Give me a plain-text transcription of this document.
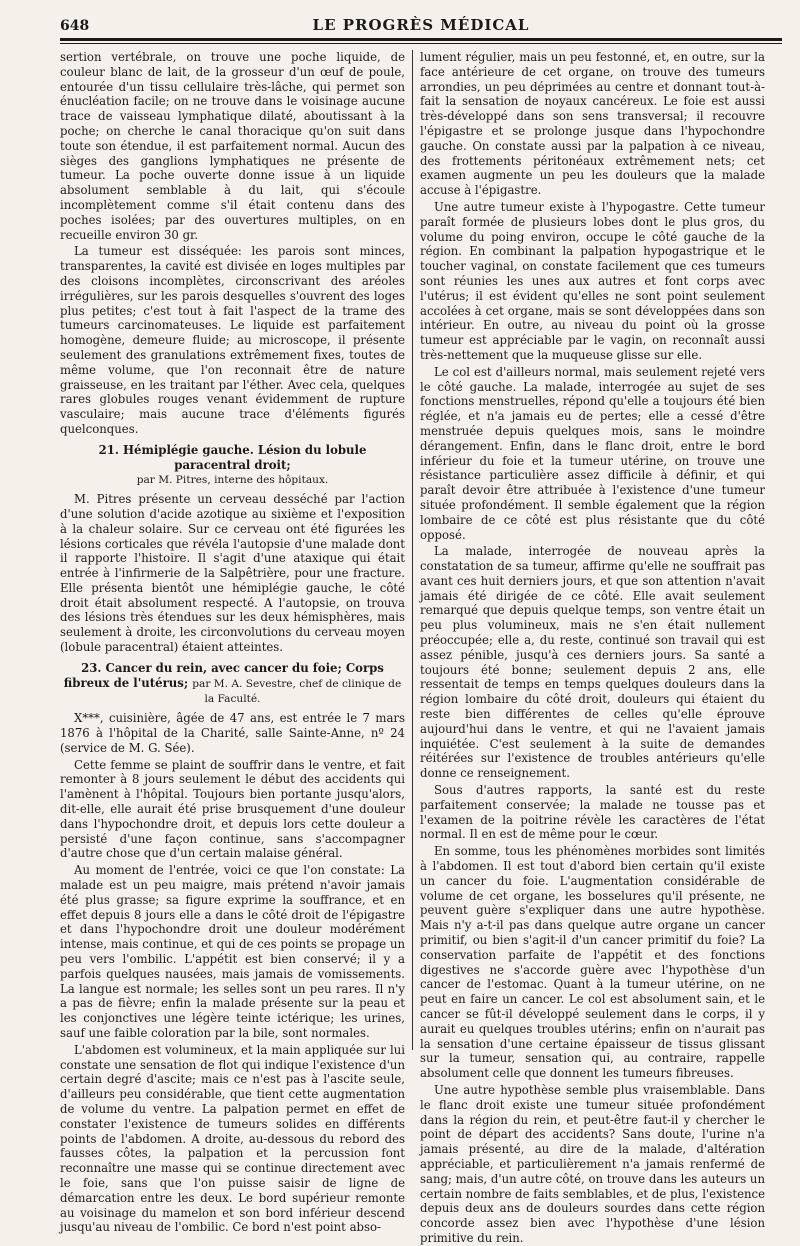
648	LE PROGRÈS MÉDICAL

sertion vertébrale, on trouve une poche liquide, de couleur blanc de lait, de la grosseur d'un œuf de poule, entourée d'un tissu cellulaire très-lâche, qui permet son énucléation facile; on ne trouve dans le voisinage aucune trace de vaisseau lymphatique dilaté, aboutissant à la poche; on cherche le canal thoracique qu'on suit dans toute son étendue, il est parfaitement normal. Aucun des sièges des ganglions lymphatiques ne présente de tumeur. La poche ouverte donne issue à un liquide absolument semblable à du lait, qui s'écoule incomplètement comme s'il était contenu dans des poches isolées; par des ouvertures multiples, on en recueille environ 30 gr.

La tumeur est disséquée: les parois sont minces, transparentes, la cavité est divisée en loges multiples par des cloisons incomplètes, circonscrivant des aréoles irrégulières, sur les parois desquelles s'ouvrent des loges plus petites; c'est tout à fait l'aspect de la trame des tumeurs carcinomateuses. Le liquide est parfaitement homogène, demeure fluide; au microscope, il présente seulement des granulations extrêmement fixes, toutes de même volume, que l'on reconnait être de nature graisseuse, en les traitant par l'éther. Avec cela, quelques rares globules rouges venant évidemment de rupture vasculaire; mais aucune trace d'éléments figurés quelconques.

21. Hémiplégie gauche. Lésion du lobule paracentral droit;
par M. Pitres, interne des hôpitaux.

M. Pitres présente un cerveau desséché par l'action d'une solution d'acide azotique au sixième et l'exposition à la chaleur solaire. Sur ce cerveau ont été figurées les lésions corticales que révéla l'autopsie d'une malade dont il rapporte l'histoire. Il s'agit d'une ataxique qui était entrée à l'infirmerie de la Salpêtrière, pour une fracture. Elle présenta bientôt une hémiplégie gauche, le côté droit était absolument respecté. A l'autopsie, on trouva des lésions très étendues sur les deux hémisphères, mais seulement à droite, les circonvolutions du cerveau moyen (lobule paracentral) étaient atteintes.

23. Cancer du rein, avec cancer du foie; Corps fibreux de l'utérus; par M. A. Sevestre, chef de clinique de la Faculté.

X***, cuisinière, âgée de 47 ans, est entrée le 7 mars 1876 à l'hôpital de la Charité, salle Sainte-Anne, nº 24 (service de M. G. Sée).

Cette femme se plaint de souffrir dans le ventre, et fait remonter à 8 jours seulement le début des accidents qui l'amènent à l'hôpital. Toujours bien portante jusqu'alors, dit-elle, elle aurait été prise brusquement d'une douleur dans l'hypochondre droit, et depuis lors cette douleur a persisté d'une façon continue, sans s'accompagner d'autre chose que d'un certain malaise général.

Au moment de l'entrée, voici ce que l'on constate: La malade est un peu maigre, mais prétend n'avoir jamais été plus grasse; sa figure exprime la souffrance, et en effet depuis 8 jours elle a dans le côté droit de l'épigastre et dans l'hypochondre droit une douleur modérément intense, mais continue, et qui de ces points se propage un peu vers l'ombilic. L'appétit est bien conservé; il y a parfois quelques nausées, mais jamais de vomissements. La langue est normale; les selles sont un peu rares. Il n'y a pas de fièvre; enfin la malade présente sur la peau et les conjonctives une légère teinte ictérique; les urines, sauf une faible coloration par la bile, sont normales.

L'abdomen est volumineux, et la main appliquée sur lui constate une sensation de flot qui indique l'existence d'un certain degré d'ascite; mais ce n'est pas à l'ascite seule, d'ailleurs peu considérable, que tient cette augmentation de volume du ventre. La palpation permet en effet de constater l'existence de tumeurs solides en différents points de l'abdomen. A droite, au-dessous du rebord des fausses côtes, la palpation et la percussion font reconnaître une masse qui se continue directement avec le foie, sans que l'on puisse saisir de ligne de démarcation entre les deux. Le bord supérieur remonte au voisinage du mamelon et son bord inférieur descend jusqu'au niveau de l'ombilic. Ce bord n'est point abso-

lument régulier, mais un peu festonné, et, en outre, sur la face antérieure de cet organe, on trouve des tumeurs arrondies, un peu déprimées au centre et donnant tout-à-fait la sensation de noyaux cancéreux. Le foie est aussi très-développé dans son sens transversal; il recouvre l'épigastre et se prolonge jusque dans l'hypochondre gauche. On constate aussi par la palpation à ce niveau, des frottements péritonéaux extrêmement nets; cet examen augmente un peu les douleurs que la malade accuse à l'épigastre.

Une autre tumeur existe à l'hypogastre. Cette tumeur paraît formée de plusieurs lobes dont le plus gros, du volume du poing environ, occupe le côté gauche de la région. En combinant la palpation hypogastrique et le toucher vaginal, on constate facilement que ces tumeurs sont réunies les unes aux autres et font corps avec l'utérus; il est évident qu'elles ne sont point seulement accolées à cet organe, mais se sont développées dans son intérieur. En outre, au niveau du point où la grosse tumeur est appréciable par le vagin, on reconnaît aussi très-nettement que la muqueuse glisse sur elle.

Le col est d'ailleurs normal, mais seulement rejeté vers le côté gauche. La malade, interrogée au sujet de ses fonctions menstruelles, répond qu'elle a toujours été bien réglée, et n'a jamais eu de pertes; elle a cessé d'être menstruée depuis quelques mois, sans le moindre dérangement. Enfin, dans le flanc droit, entre le bord inférieur du foie et la tumeur utérine, on trouve une résistance particulière assez difficile à définir, et qui paraît devoir être attribuée à l'existence d'une tumeur située profondément. Il semble également que la région lombaire de ce côté est plus résistante que du côté opposé.

La malade, interrogée de nouveau après la constatation de sa tumeur, affirme qu'elle ne souffrait pas avant ces huit derniers jours, et que son attention n'avait jamais été dirigée de ce côté. Elle avait seulement remarqué que depuis quelque temps, son ventre était un peu plus volumineux, mais ne s'en était nullement préoccupée; elle a, du reste, continué son travail qui est assez pénible, jusqu'à ces derniers jours. Sa santé a toujours été bonne; seulement depuis 2 ans, elle ressentait de temps en temps quelques douleurs dans la région lombaire du côté droit, douleurs qui étaient du reste bien différentes de celles qu'elle éprouve aujourd'hui dans le ventre, et qui ne l'avaient jamais inquiétée. C'est seulement à la suite de demandes réitérées sur l'existence de troubles antérieurs qu'elle donne ce renseignement.

Sous d'autres rapports, la santé est du reste parfaitement conservée; la malade ne tousse pas et l'examen de la poitrine révèle les caractères de l'état normal. Il en est de même pour le cœur.

En somme, tous les phénomènes morbides sont limités à l'abdomen. Il est tout d'abord bien certain qu'il existe un cancer du foie. L'augmentation considérable de volume de cet organe, les bosselures qu'il présente, ne peuvent guère s'expliquer dans une autre hypothèse. Mais n'y a-t-il pas dans quelque autre organe un cancer primitif, ou bien s'agit-il d'un cancer primitif du foie? La conservation parfaite de l'appétit et des fonctions digestives ne s'accorde guère avec l'hypothèse d'un cancer de l'estomac. Quant à la tumeur utérine, on ne peut en faire un cancer. Le col est absolument sain, et le cancer se fût-il développé seulement dans le corps, il y aurait eu quelques troubles utérins; enfin on n'aurait pas la sensation d'une certaine épaisseur de tissus glissant sur la tumeur, sensation qui, au contraire, rappelle absolument celle que donnent les tumeurs fibreuses.

Une autre hypothèse semble plus vraisemblable. Dans le flanc droit existe une tumeur située profondément dans la région du rein, et peut-être faut-il y chercher le point de départ des accidents? Sans doute, l'urine n'a jamais présenté, au dire de la malade, d'altération appréciable, et particulièrement n'a jamais renfermé de sang; mais, d'un autre côté, on trouve dans les auteurs un certain nombre de faits semblables, et de plus, l'existence depuis deux ans de douleurs sourdes dans cette région concorde assez bien avec l'hypothèse d'une lésion primitive du rein.
